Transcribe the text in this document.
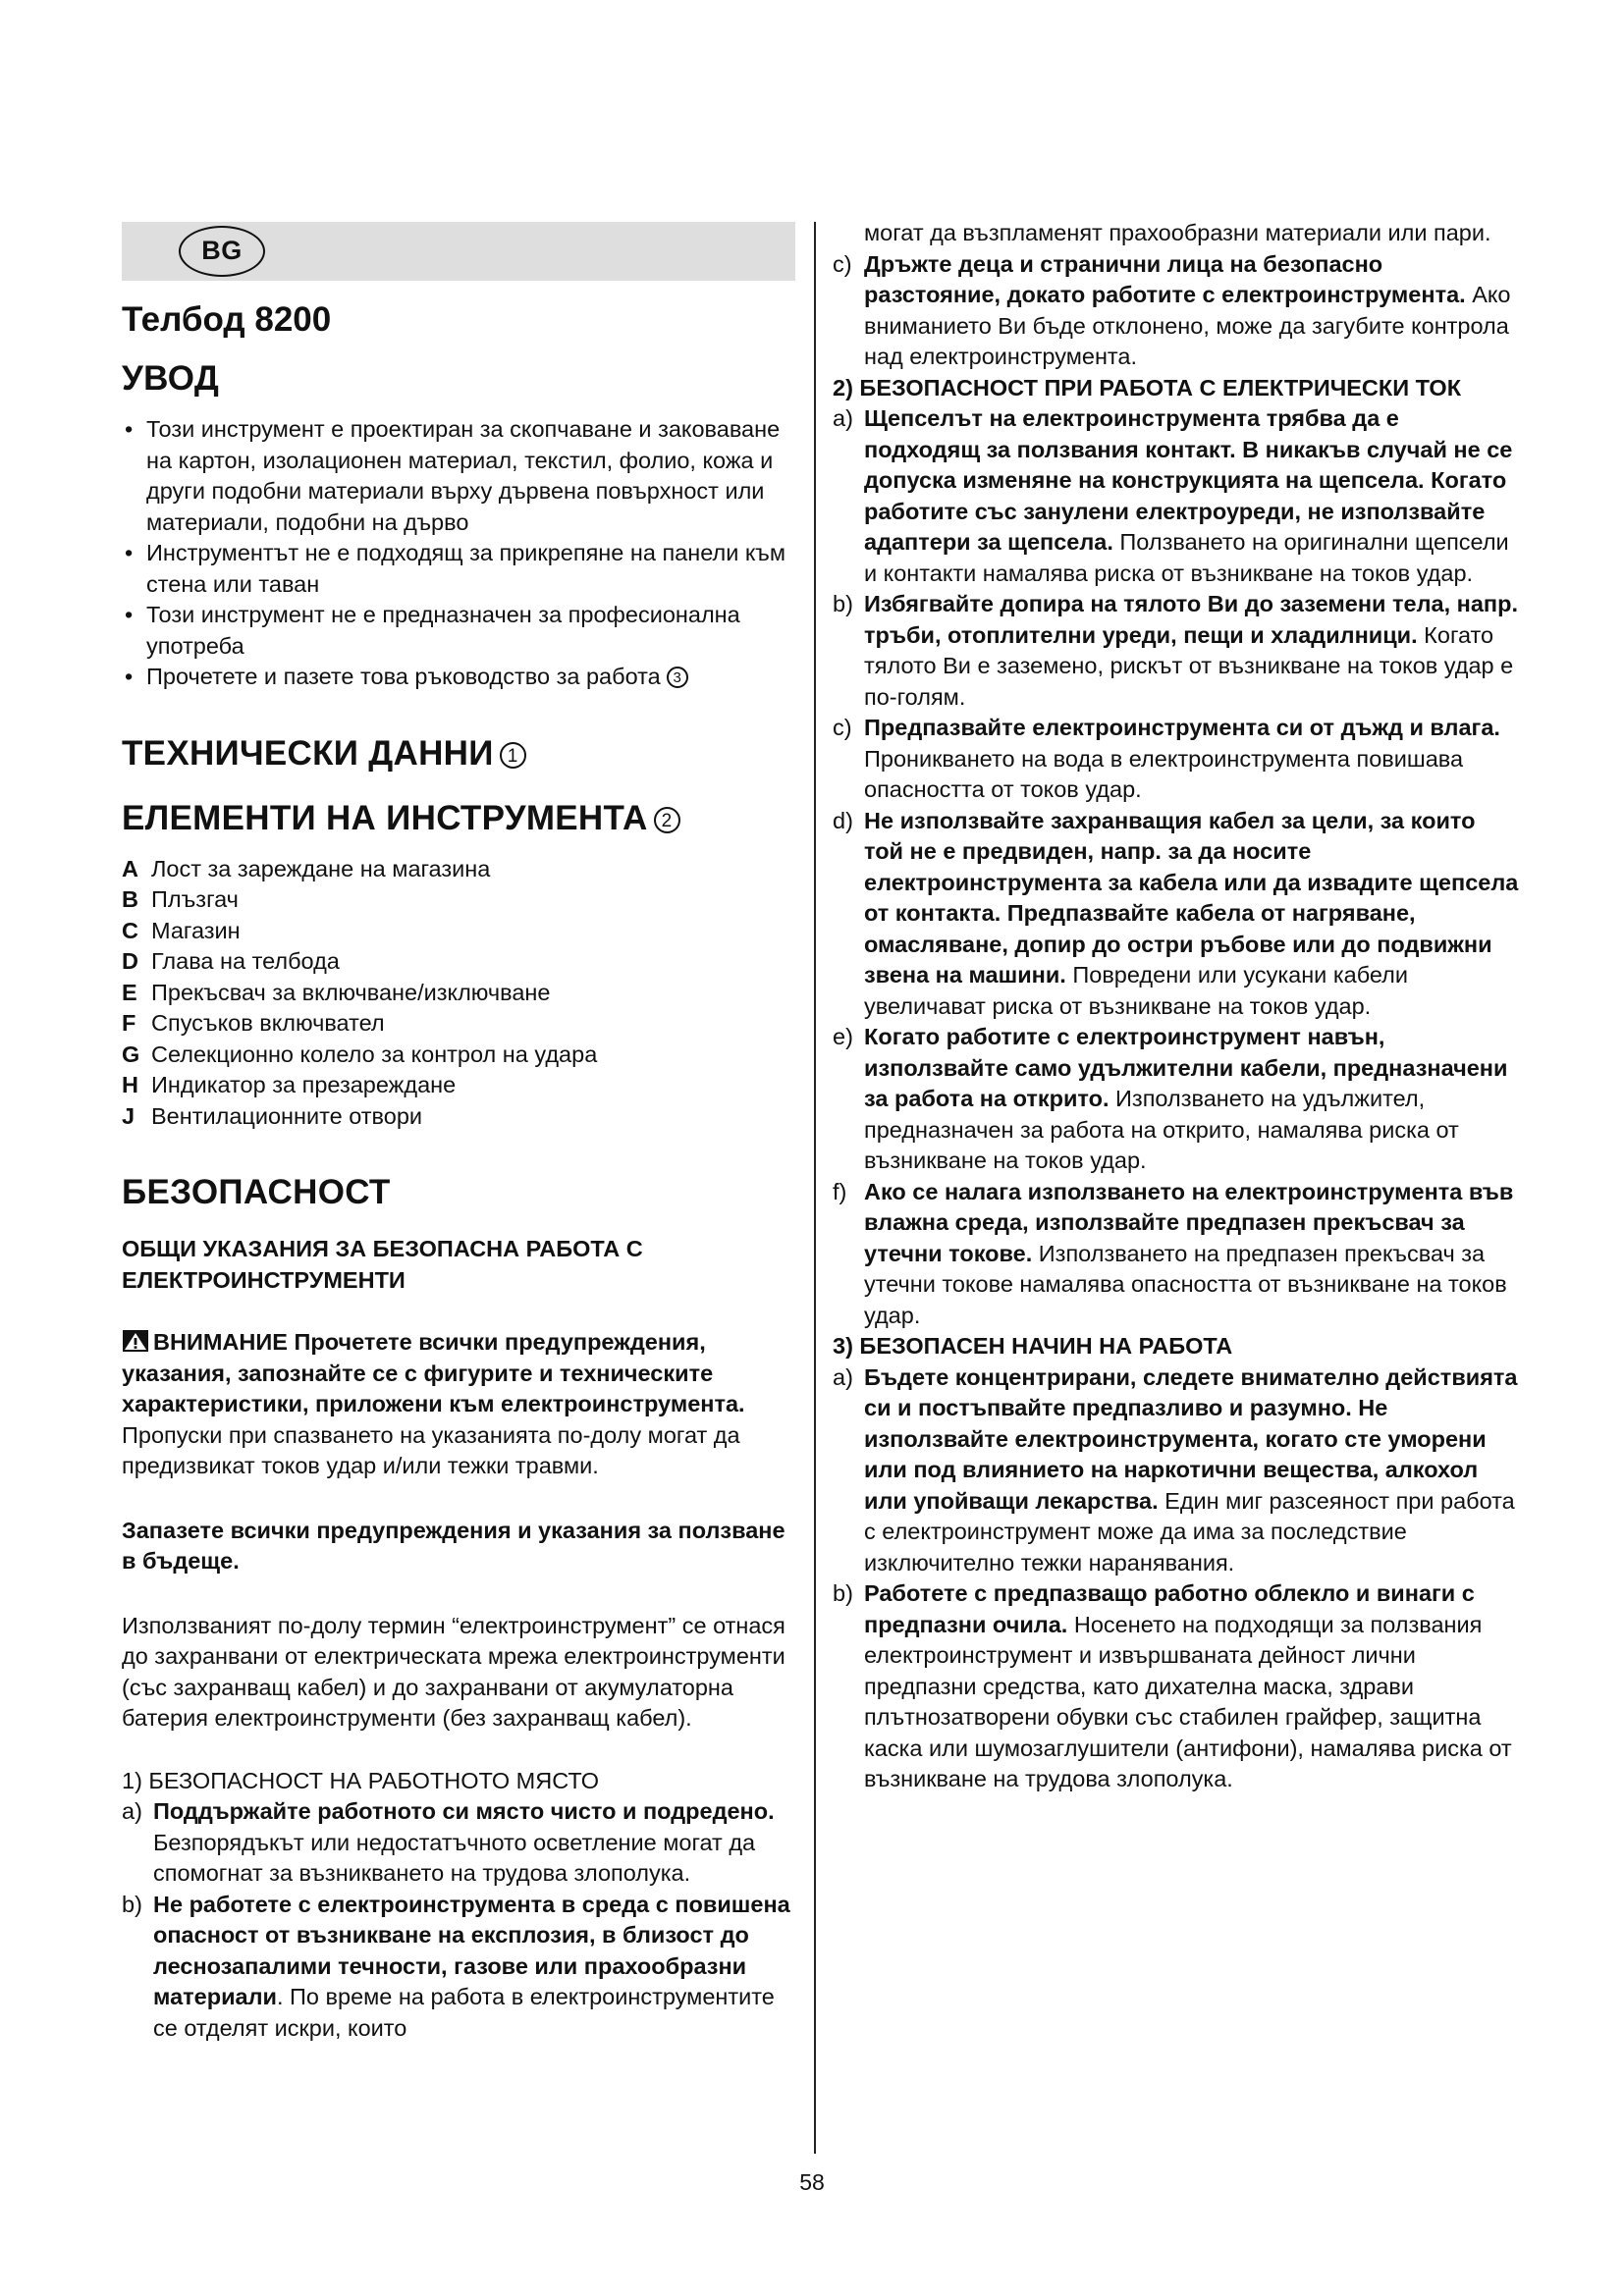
BG
Телбод 8200
УВОД
• Този инструмент е проектиран за скопчаване и заковаване на картон, изолационен материал, текстил, фолио, кожа и други подобни материали върху дървена повърхност или материали, подобни на дърво
• Инструментът не е подходящ за прикрепяне на панели към стена или таван
• Този инструмент не е предназначен за професионална употреба
• Прочетете и пазете това ръководство за работа 3
ТЕХНИЧЕСКИ ДАННИ 1
ЕЛЕМЕНТИ НА ИНСТРУМЕНТА 2
A Лост за зареждане на магазина
B Плъзгач
C Магазин
D Глава на телбода
E Прекъсвач за включване/изключване
F Спусъков включвател
G Селекционно колело за контрол на удара
H Индикатор за презареждане
J Вентилационните отвори
БЕЗОПАСНОСТ
ОБЩИ УКАЗАНИЯ ЗА БЕЗОПАСНА РАБОТА С ЕЛЕКТРОИНСТРУМЕНТИ
ВНИМАНИЕ Прочетете всички предупреждения, указания, запознайте се с фигурите и техническите характеристики, приложени към електроинструмента. Пропуски при спазването на указанията по-долу могат да предизвикат токов удар и/или тежки травми.
Запазете всички предупреждения и указания за ползване в бъдеще.
Използваният по-долу термин “електроинструмент” се отнася до захранвани от електрическата мрежа електроинструменти (със захранващ кабел) и до захранвани от акумулаторна батерия електроинструменти (без захранващ кабел).
1) БЕЗОПАСНОСТ НА РАБОТНОТО МЯСТО
a) Поддържайте работното си място чисто и подредено. Безпорядъкът или недостатъчното осветление могат да спомогнат за възникването на трудова злополука.
b) Не работете с електроинструмента в среда с повишена опасност от възникване на експлозия, в близост до леснозапалими течности, газове или прахообразни материали. По време на работа в електроинструментите се отделят искри, които
могат да възпламенят прахообразни материали или пари.
c) Дръжте деца и странични лица на безопасно разстояние, докато работите с електроинструмента. Ако вниманието Ви бъде отклонено, може да загубите контрола над електроинструмента.
2) БЕЗОПАСНОСТ ПРИ РАБОТА С ЕЛЕКТРИЧЕСКИ ТОК
a) Щепселът на електроинструмента трябва да е подходящ за ползвания контакт. В никакъв случай не се допуска изменяне на конструкцията на щепсела. Когато работите със занулени електроуреди, не използвайте адаптери за щепсела. Ползването на оригинални щепсели и контакти намалява риска от възникване на токов удар.
b) Избягвайте допира на тялото Ви до заземени тела, напр. тръби, отоплителни уреди, пещи и хладилници. Когато тялото Ви е заземено, рискът от възникване на токов удар е по-голям.
c) Предпазвайте електроинструмента си от дъжд и влага. Проникването на вода в електроинструмента повишава опасността от токов удар.
d) Не използвайте захранващия кабел за цели, за които той не е предвиден, напр. за да носите електроинструмента за кабела или да извадите щепсела от контакта. Предпазвайте кабела от нагряване, омасляване, допир до остри ръбове или до подвижни звена на машини. Повредени или усукани кабели увеличават риска от възникване на токов удар.
e) Когато работите с електроинструмент навън, използвайте само удължителни кабели, предназначени за работа на открито. Използването на удължител, предназначен за работа на открито, намалява риска от възникване на токов удар.
f) Ако се налага използването на електроинструмента във влажна среда, използвайте предпазен прекъсвач за утечни токове. Използването на предпазен прекъсвач за утечни токове намалява опасността от възникване на токов удар.
3) БЕЗОПАСЕН НАЧИН НА РАБОТА
a) Бъдете концентрирани, следете внимателно действията си и постъпвайте предпазливо и разумно. Не използвайте електроинструмента, когато сте уморени или под влиянието на наркотични вещества, алкохол или упойващи лекарства. Един миг разсеяност при работа с електроинструмент може да има за последствие изключително тежки наранявания.
b) Работете с предпазващо работно облекло и винаги с предпазни очила. Носенето на подходящи за ползвания електроинструмент и извършваната дейност лични предпазни средства, като дихателна маска, здрави плътнозатворени обувки със стабилен грайфер, защитна каска или шумозаглушители (антифони), намалява риска от възникване на трудова злополука.
58
